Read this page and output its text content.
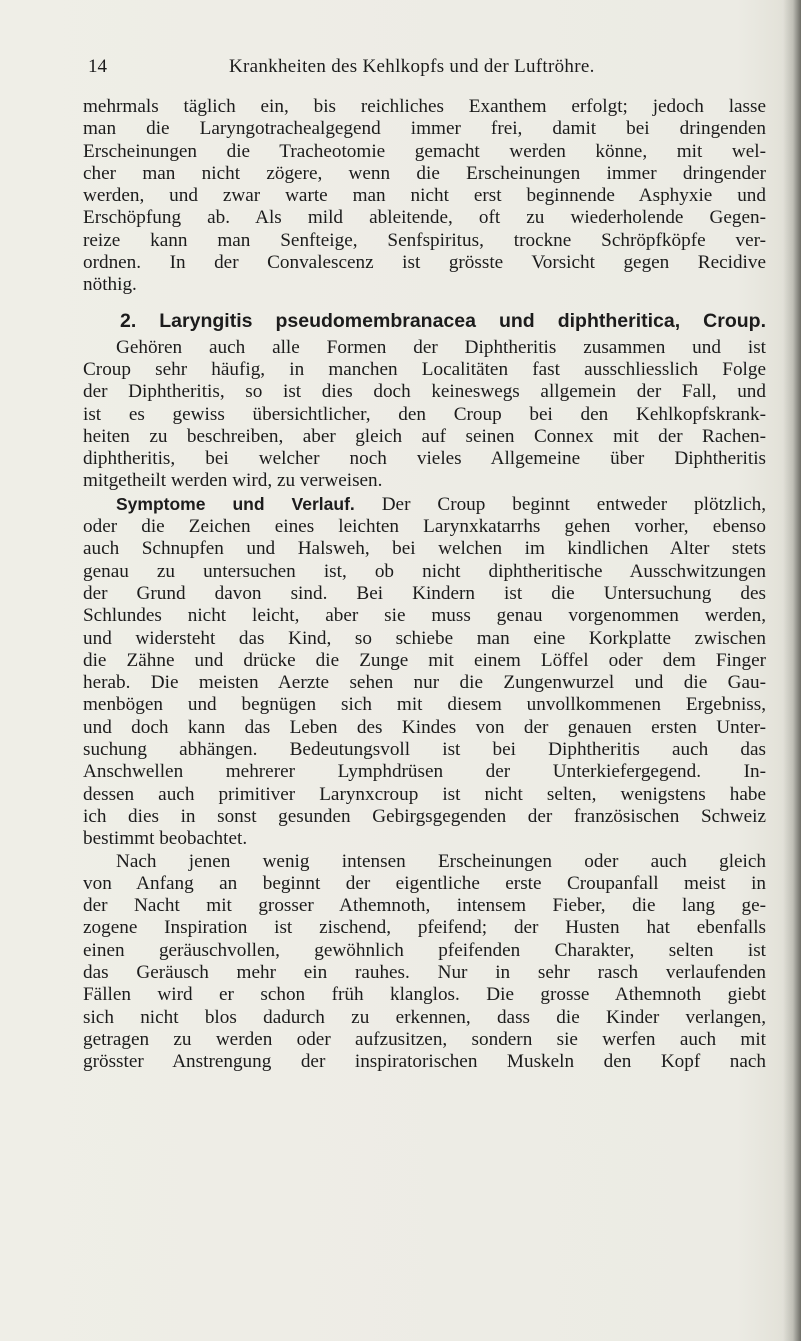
14	Krankheiten des Kehlkopfs und der Luftröhre.
mehrmals täglich ein, bis reichliches Exanthem erfolgt; jedoch lasse
man die Laryngotrachealgegend immer frei, damit bei dringenden
Erscheinungen die Tracheotomie gemacht werden könne, mit wel-
cher man nicht zögere, wenn die Erscheinungen immer dringender
werden, und zwar warte man nicht erst beginnende Asphyxie und
Erschöpfung ab. Als mild ableitende, oft zu wiederholende Gegen-
reize kann man Senfteige, Senfspiritus, trockne Schröpfköpfe ver-
ordnen. In der Convalescenz ist grösste Vorsicht gegen Recidive
nöthig.
2. Laryngitis pseudomembranacea und diphtheritica, Croup.
Gehören auch alle Formen der Diphtheritis zusammen und ist
Croup sehr häufig, in manchen Localitäten fast ausschliesslich Folge
der Diphtheritis, so ist dies doch keineswegs allgemein der Fall, und
ist es gewiss übersichtlicher, den Croup bei den Kehlkopfskrank-
heiten zu beschreiben, aber gleich auf seinen Connex mit der Rachen-
diphtheritis, bei welcher noch vieles Allgemeine über Diphtheritis
mitgetheilt werden wird, zu verweisen.
Symptome und Verlauf. Der Croup beginnt entweder plötzlich,
oder die Zeichen eines leichten Larynxkatarrhs gehen vorher, ebenso
auch Schnupfen und Halsweh, bei welchen im kindlichen Alter stets
genau zu untersuchen ist, ob nicht diphtheritische Ausschwitzungen
der Grund davon sind. Bei Kindern ist die Untersuchung des
Schlundes nicht leicht, aber sie muss genau vorgenommen werden,
und widersteht das Kind, so schiebe man eine Korkplatte zwischen
die Zähne und drücke die Zunge mit einem Löffel oder dem Finger
herab. Die meisten Aerzte sehen nur die Zungenwurzel und die Gau-
menbögen und begnügen sich mit diesem unvollkommenen Ergebniss,
und doch kann das Leben des Kindes von der genauen ersten Unter-
suchung abhängen. Bedeutungsvoll ist bei Diphtheritis auch das
Anschwellen mehrerer Lymphdrüsen der Unterkiefergegend. In-
dessen auch primitiver Larynxcroup ist nicht selten, wenigstens habe
ich dies in sonst gesunden Gebirgsgegenden der französischen Schweiz
bestimmt beobachtet.
Nach jenen wenig intensen Erscheinungen oder auch gleich
von Anfang an beginnt der eigentliche erste Croupanfall meist in
der Nacht mit grosser Athemnoth, intensem Fieber, die lang ge-
zogene Inspiration ist zischend, pfeifend; der Husten hat ebenfalls
einen geräuschvollen, gewöhnlich pfeifenden Charakter, selten ist
das Geräusch mehr ein rauhes. Nur in sehr rasch verlaufenden
Fällen wird er schon früh klanglos. Die grosse Athemnoth giebt
sich nicht blos dadurch zu erkennen, dass die Kinder verlangen,
getragen zu werden oder aufzusitzen, sondern sie werfen auch mit
grösster Anstrengung der inspiratorischen Muskeln den Kopf nach
